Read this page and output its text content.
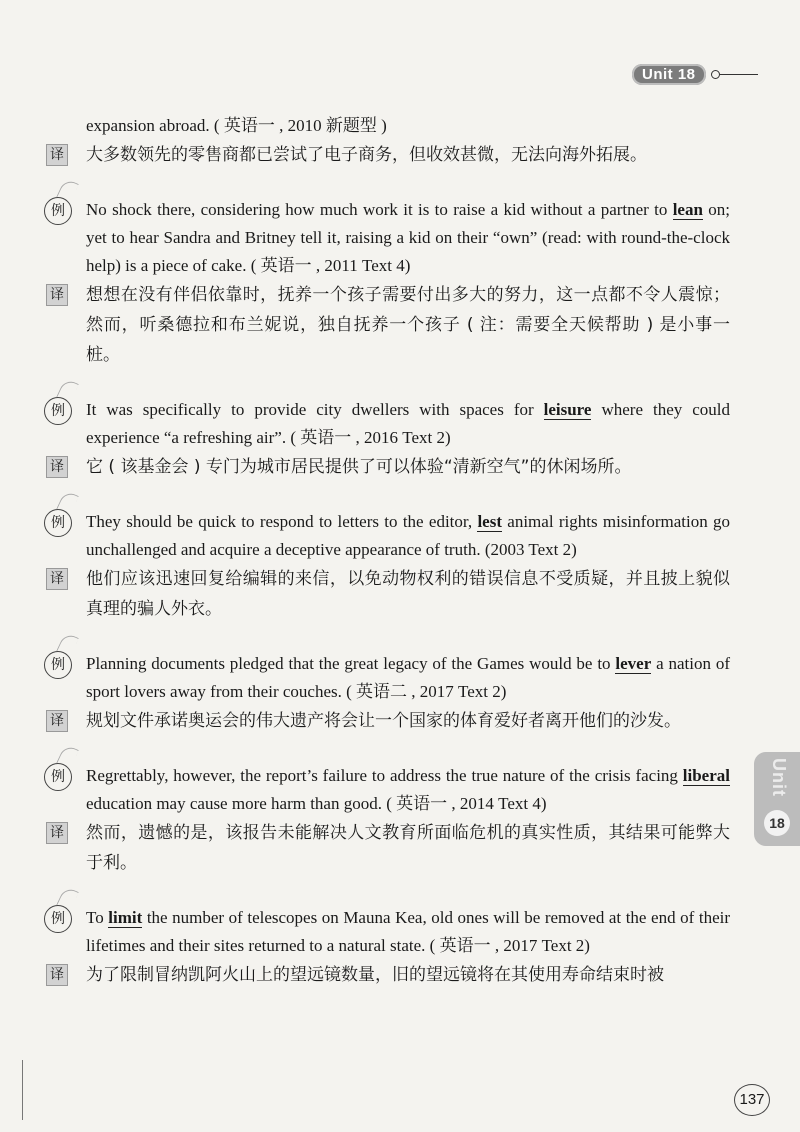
Unit 18
Unit
18
expansion abroad. ( 英语一 , 2010 新题型 )
译	大多数领先的零售商都已尝试了电子商务，但收效甚微，无法向海外拓展。
例	No shock there, considering how much work it is to raise a kid without a partner to lean on; yet to hear Sandra and Britney tell it, raising a kid on their “own” (read: with round-the-clock help) is a piece of cake. ( 英语一 , 2011 Text 4)
译	想想在没有伴侣依靠时，抚养一个孩子需要付出多大的努力，这一点都不令人震惊；然而，听桑德拉和布兰妮说，独自抚养一个孩子 ( 注：需要全天候帮助 ) 是小事一桩。
例	It was specifically to provide city dwellers with spaces for leisure where they could experience “a refreshing air”. ( 英语一 , 2016 Text 2)
译	它 ( 该基金会 ) 专门为城市居民提供了可以体验“清新空气”的休闲场所。
例	They should be quick to respond to letters to the editor, lest animal rights misinformation go unchallenged and acquire a deceptive appearance of truth. (2003 Text 2)
译	他们应该迅速回复给编辑的来信，以免动物权利的错误信息不受质疑，并且披上貌似真理的骗人外衣。
例	Planning documents pledged that the great legacy of the Games would be to lever a nation of sport lovers away from their couches. ( 英语二 , 2017 Text 2)
译	规划文件承诺奥运会的伟大遗产将会让一个国家的体育爱好者离开他们的沙发。
例	Regrettably, however, the report’s failure to address the true nature of the crisis facing liberal education may cause more harm than good. ( 英语一 , 2014 Text 4)
译	然而，遗憾的是，该报告未能解决人文教育所面临危机的真实性质，其结果可能弊大于利。
例	To limit the number of telescopes on Mauna Kea, old ones will be removed at the end of their lifetimes and their sites returned to a natural state. ( 英语一 , 2017 Text 2)
译	为了限制冒纳凯阿火山上的望远镜数量，旧的望远镜将在其使用寿命结束时被
137
